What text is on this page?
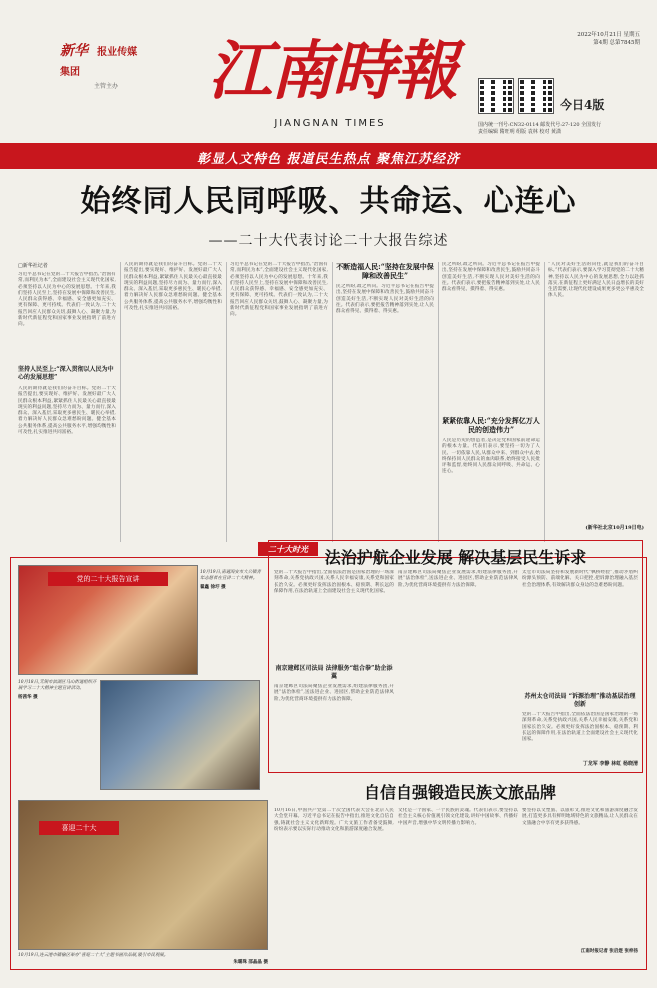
新华 报业传媒集团
主管主办	江南時報
JIANGNAN TIMES
今日4版
2022年10月21日 星期五
第4期 总第7845期
国内统一刊号:CN32-0114 邮发代号:27-120 全国发行
责任编辑 隋旺明 组版 袁林 校对 黄潇
彰显人文特色 报道民生热点 聚焦江苏经济
始终同人民同呼吸、共命运、心连心
——二十大代表讨论二十大报告综述
□新华社记者
习近平总书记在党的二十大报告中指出,“治国有常,而利民为本”,全面建设社会主义现代化国家,必须坚持以人民为中心的发展思想。十年来,我们坚持人民至上,坚持在发展中保障和改善民生,人民群众获得感、幸福感、安全感更加充实、更有保障、更可持续。代表们一致认为,二十大报告回应人民群众关切,鼓舞人心、凝聚力量,为新时代新征程党和国家事业发展指明了前进方向。
坚持人民至上:“深入贯彻以人民为中心的发展思想”
人民的期待就是我们的奋斗目标。党的二十大报告提出,要实现好、维护好、发展好最广大人民群众根本利益,紧紧抓住人民最关心最直接最现实的利益问题,坚持尽力而为、量力而行,深入群众、深入基层,采取更多惠民生、暖民心举措,着力解决好人民群众急难愁盼问题。健全基本公共服务体系,提高公共服务水平,增强均衡性和可及性,扎实推进共同富裕。
人民的期待就是我们的奋斗目标。党的二十大报告提出,要实现好、维护好、发展好最广大人民群众根本利益,紧紧抓住人民最关心最直接最现实的利益问题,坚持尽力而为、量力而行,深入群众、深入基层,采取更多惠民生、暖民心举措,着力解决好人民群众急难愁盼问题。健全基本公共服务体系,提高公共服务水平,增强均衡性和可及性,扎实推进共同富裕。
习近平总书记在党的二十大报告中指出,“治国有常,而利民为本”,全面建设社会主义现代化国家,必须坚持以人民为中心的发展思想。十年来,我们坚持人民至上,坚持在发展中保障和改善民生,人民群众获得感、幸福感、安全感更加充实、更有保障、更可持续。代表们一致认为,二十大报告回应人民群众关切,鼓舞人心、凝聚力量,为新时代新征程党和国家事业发展指明了前进方向。
不断造福人民:“坚持在发展中保障和改善民生”
民之所盼,政之所向。习近平总书记在报告中提出,坚持在发展中保障和改善民生,鼓励共同奋斗创造美好生活,不断实现人民对美好生活的向往。代表们表示,要把报告精神落到实处,让人民群众看得见、摸得着、得实惠。
民之所盼,政之所向。习近平总书记在报告中提出,坚持在发展中保障和改善民生,鼓励共同奋斗创造美好生活,不断实现人民对美好生活的向往。代表们表示,要把报告精神落到实处,让人民群众看得见、摸得着、得实惠。
紧紧依靠人民:“充分发挥亿万人民的创造伟力”
人民是历史的创造者,是决定党和国家前途命运的根本力量。代表们表示,要坚持一切为了人民、一切依靠人民,从群众中来、到群众中去,始终保持同人民群众的血肉联系,始终接受人民批评和监督,始终同人民群众同呼吸、共命运、心连心。
“人民对美好生活的向往,就是我们的奋斗目标。”代表们表示,要深入学习贯彻党的二十大精神,坚持以人民为中心的发展思想,全力以赴抓落实,在新征程上更好满足人民日益增长的美好生活需要,让现代化建设成果更多更公平惠及全体人民。
(新华社北京10月19日电)
二十大时光	法治护航企业发展 解决基层民生诉求
党的二十大报告中指出,全面依法治国是国家治理的一场深刻革命,关系党执政兴国,关系人民幸福安康,关系党和国家长治久安。必须更好发挥法治固根本、稳预期、利长远的保障作用,在法治轨道上全面建设社会主义现代化国家。
南京建邺区司法局 法律服务“组合拳”助企添翼
南京建邺区司法局聚焦企业发展需求,组建法律服务团,开展“法治体检”,送法进企业、进园区,帮助企业防范法律风险,为优化营商环境提供有力法治保障。
南京建邺区司法局聚焦企业发展需求,组建法律服务团,开展“法治体检”,送法进企业、进园区,帮助企业防范法律风险,为优化营商环境提供有力法治保障。
太仓市司法局坚持和发展新时代“枫桥经验”,推动矛盾纠纷源头预防、前端化解、关口把控,把诉源治理融入基层社会治理体系,有效解决群众身边的急难愁盼问题。
苏州太仓司法局 “诉源治理”推动基层治理创新
党的二十大报告中指出,全面依法治国是国家治理的一场深刻革命,关系党执政兴国,关系人民幸福安康,关系党和国家长治久安。必须更好发挥法治固根本、稳预期、利长远的保障作用,在法治轨道上全面建设社会主义现代化国家。
丁龙军 李静 林虹 杨晓清
党的二十大报告宣讲
10月19日,南通海安市大公镇青年志愿者在宣讲二十大精神。
翟鑫 徐圩 摄
10月18日,无锡市滨湖区马山街道组织开展学习二十大精神主题宣讲活动。
杨茜华 摄
喜迎二十大
10月19日,连云港市赣榆区举办“喜迎二十大”主题书画作品展,吸引市民观展。
朱璐珠 邵晶晶 摄
自信自强锻造民族文旅品牌
10月16日,中国共产党第二十次全国代表大会在北京人民大会堂开幕。习近平总书记在报告中指出,推进文化自信自强,铸就社会主义文化新辉煌。广大文旅工作者备受鼓舞,纷纷表示要以实际行动推动文化和旅游深度融合发展。
文化是一个国家、一个民族的灵魂。代表们表示,要坚持以社会主义核心价值观引领文化建设,讲好中国故事、传播好中国声音,增强中华文明传播力影响力。
要坚持以文塑旅、以旅彰文,推进文化和旅游深度融合发展,打造更多具有鲜明地域特色的文旅精品,让人民群众在文旅融合中享有更多获得感。
江南时报记者 张启煜 张梓扬
